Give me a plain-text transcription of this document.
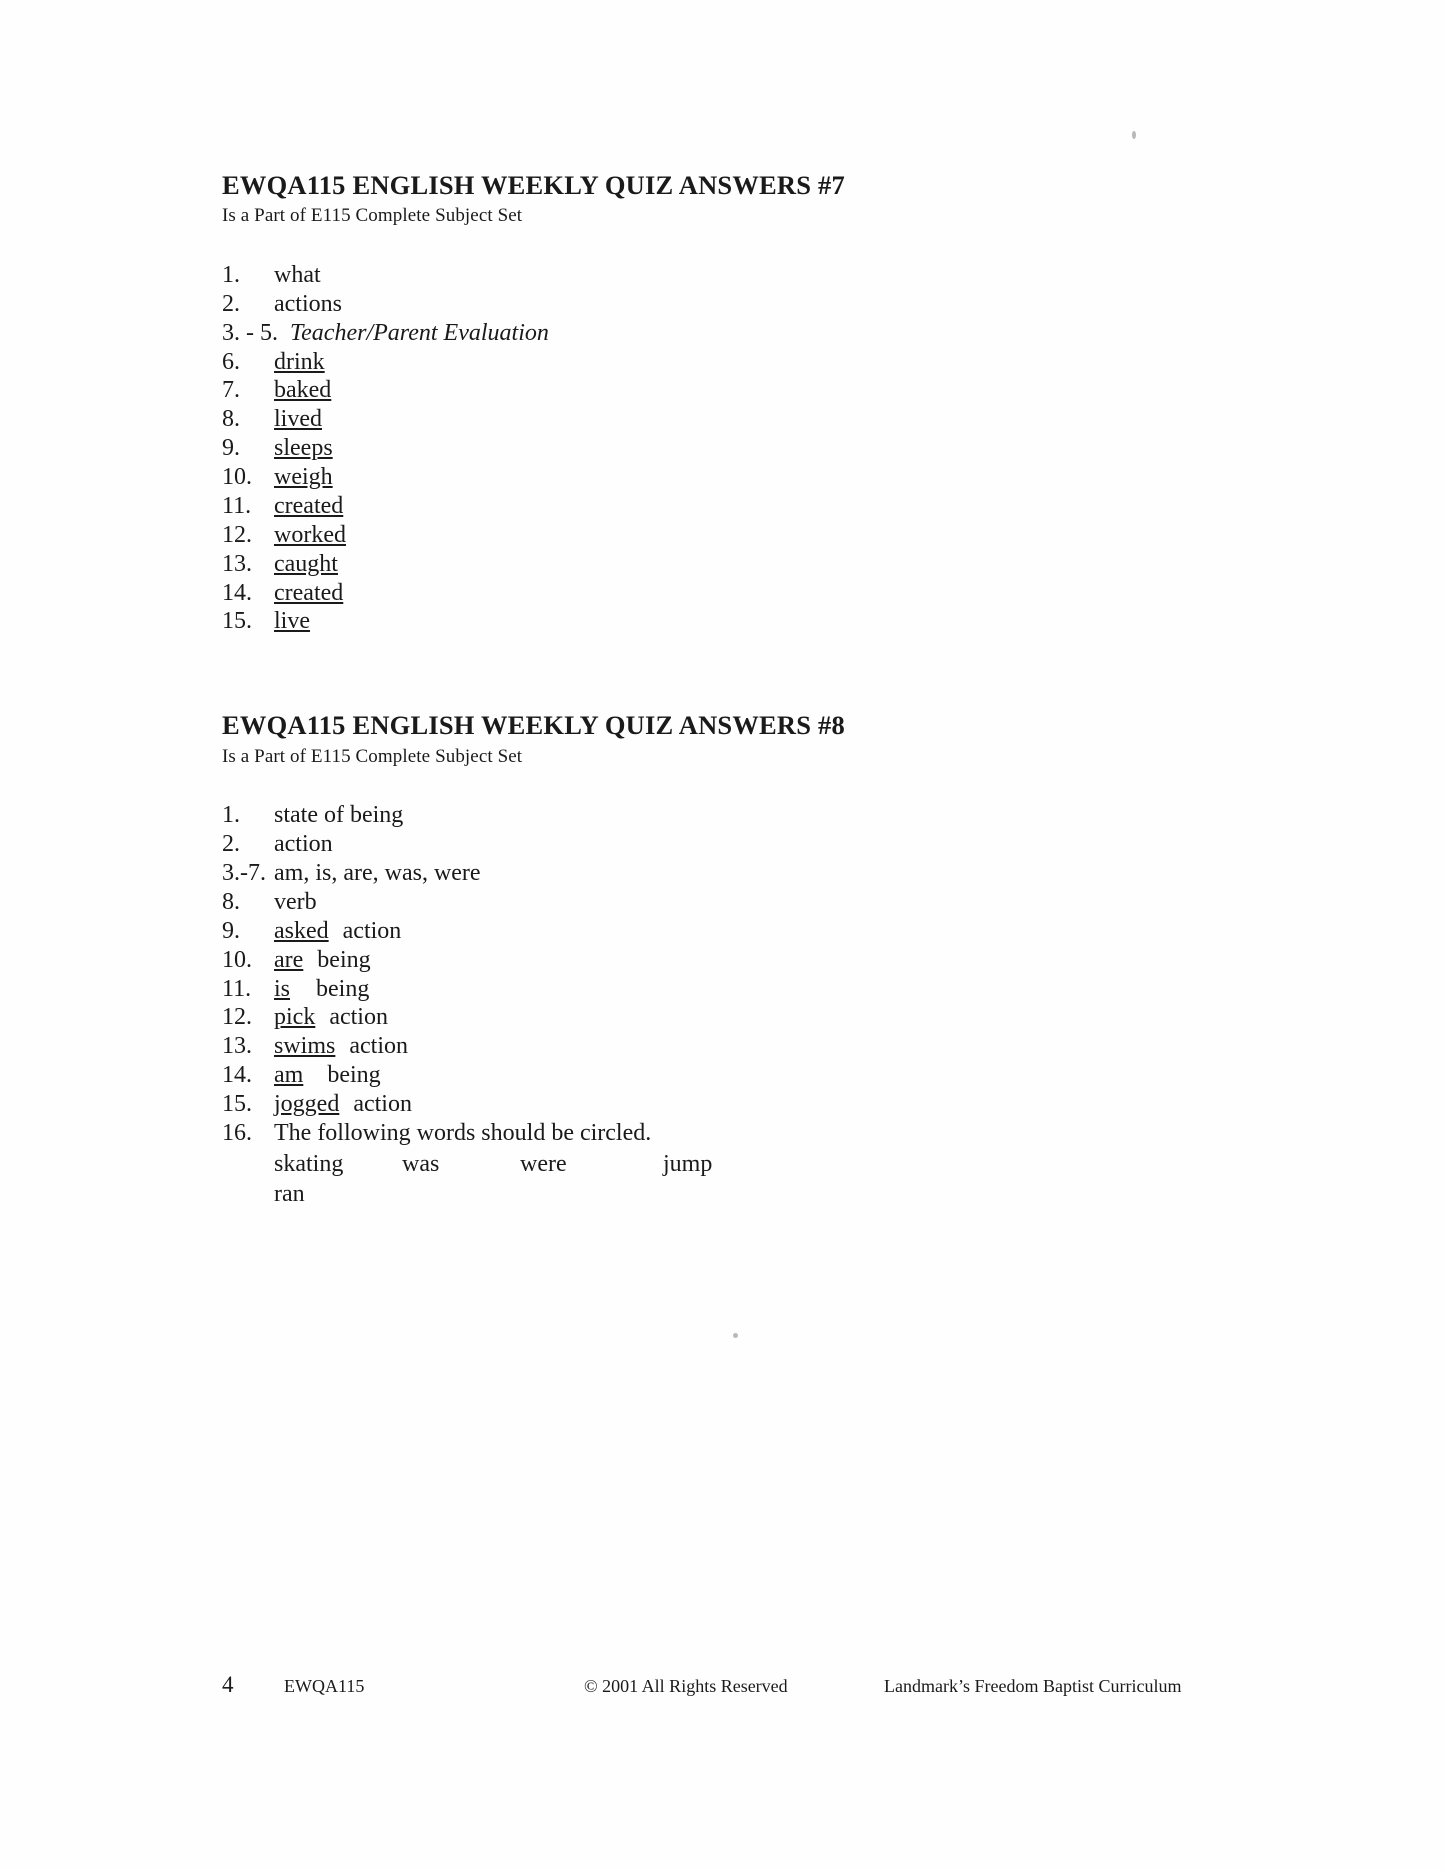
EWQA115 ENGLISH WEEKLY QUIZ ANSWERS #7
Is a Part of E115 Complete Subject Set
1.	what
2.	actions
3. - 5. Teacher/Parent Evaluation
6.	drink
7.	baked
8.	lived
9.	sleeps
10. weigh
11. created
12. worked
13. caught
14. created
15. live
EWQA115 ENGLISH WEEKLY QUIZ ANSWERS #8
Is a Part of E115 Complete Subject Set
1.	state of being
2.	action
3.-7. am, is, are, was, were
8.	verb
9.	asked action
10. are being
11. is being
12. pick action
13. swims action
14. am being
15. jogged action
16. The following words should be circled.
skating	was	were	jump
ran
4	EWQA115	© 2001 All Rights Reserved	Landmark’s Freedom Baptist Curriculum
